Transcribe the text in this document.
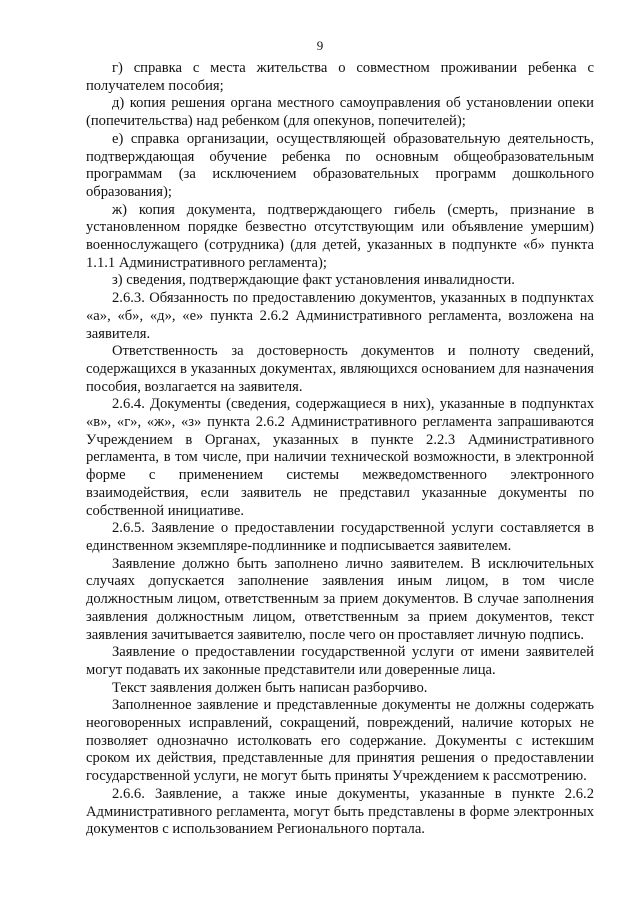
9

г) справка с места жительства о совместном проживании ребенка с получателем пособия;

д) копия решения органа местного самоуправления об установлении опеки (попечительства) над ребенком (для опекунов, попечителей);

е) справка организации, осуществляющей образовательную деятельность, подтверждающая обучение ребенка по основным общеобразовательным программам (за исключением образовательных программ дошкольного образования);

ж) копия документа, подтверждающего гибель (смерть, признание в установленном порядке безвестно отсутствующим или объявление умершим) военнослужащего (сотрудника) (для детей, указанных в подпункте «б» пункта 1.1.1 Административного регламента);

з) сведения, подтверждающие факт установления инвалидности.

2.6.3. Обязанность по предоставлению документов, указанных в подпунктах «а», «б», «д», «е» пункта 2.6.2 Административного регламента, возложена на заявителя.

Ответственность за достоверность документов и полноту сведений, содержащихся в указанных документах, являющихся основанием для назначения пособия, возлагается на заявителя.

2.6.4. Документы (сведения, содержащиеся в них), указанные в подпунктах «в», «г», «ж», «з» пункта 2.6.2 Административного регламента запрашиваются Учреждением в Органах, указанных в пункте 2.2.3 Административного регламента, в том числе, при наличии технической возможности, в электронной форме с применением системы межведомственного электронного взаимодействия, если заявитель не представил указанные документы по собственной инициативе.

2.6.5. Заявление о предоставлении государственной услуги составляется в единственном экземпляре-подлиннике и подписывается заявителем.

Заявление должно быть заполнено лично заявителем. В исключительных случаях допускается заполнение заявления иным лицом, в том числе должностным лицом, ответственным за прием документов. В случае заполнения заявления должностным лицом, ответственным за прием документов, текст заявления зачитывается заявителю, после чего он проставляет личную подпись.

Заявление о предоставлении государственной услуги от имени заявителей могут подавать их законные представители или доверенные лица.

Текст заявления должен быть написан разборчиво.

Заполненное заявление и представленные документы не должны содержать неоговоренных исправлений, сокращений, повреждений, наличие которых не позволяет однозначно истолковать его содержание. Документы с истекшим сроком их действия, представленные для принятия решения о предоставлении государственной услуги, не могут быть приняты Учреждением к рассмотрению.

2.6.6. Заявление, а также иные документы, указанные в пункте 2.6.2 Административного регламента, могут быть представлены в форме электронных документов с использованием Регионального портала.
